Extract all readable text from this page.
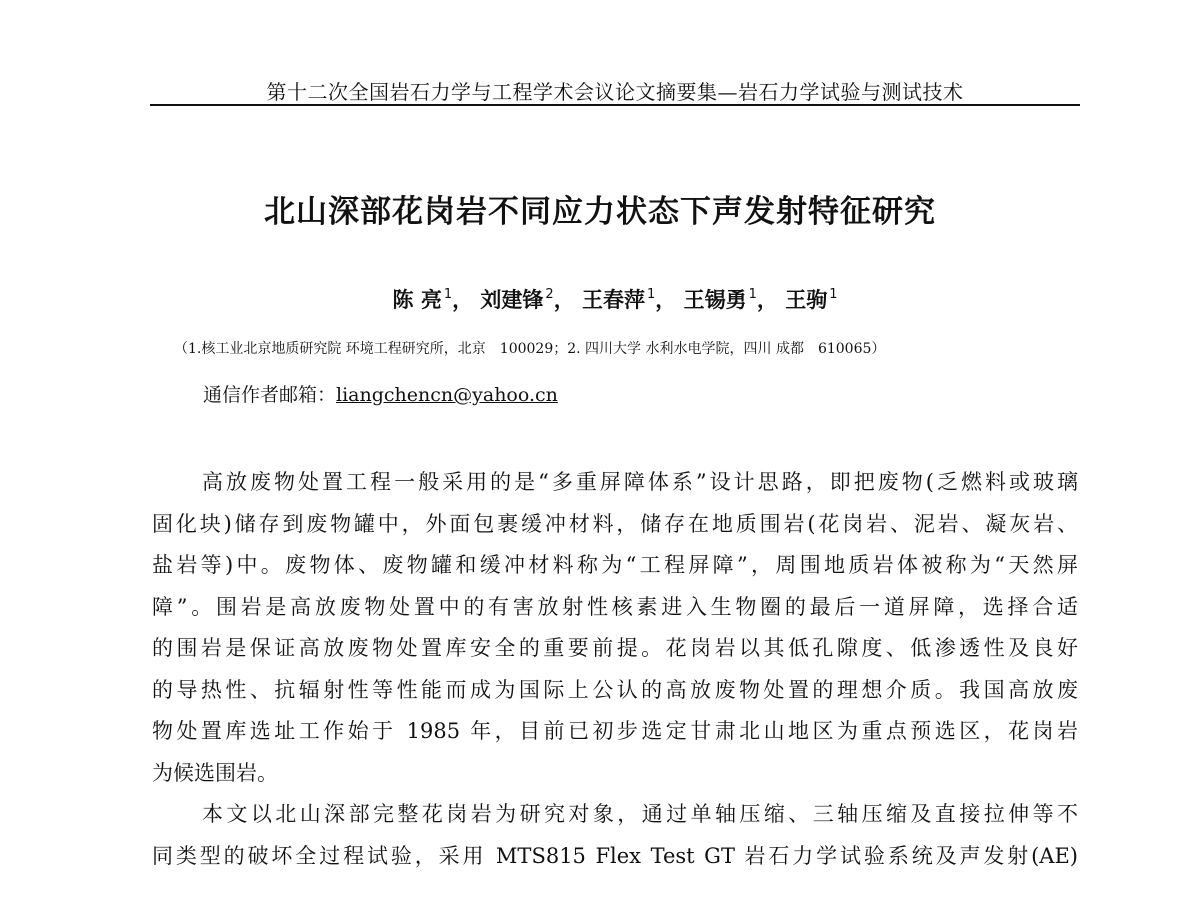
第十二次全国岩石力学与工程学术会议论文摘要集—岩石力学试验与测试技术
北山深部花岗岩不同应力状态下声发射特征研究
陈 亮 $^1$， 刘建锋 $^2$， 王春萍 $^1$， 王锡勇 $^1$， 王驹 $^1$
（1.核工业北京地质研究院 环境工程研究所，北京　100029；2. 四川大学 水利水电学院，四川 成都　610065）
通信作者邮箱：liangchencn@yahoo.cn
高放废物处置工程一般采用的是“多重屏障体系”设计思路，即把废物(乏燃料或玻璃
固化块)储存到废物罐中，外面包裹缓冲材料，储存在地质围岩(花岗岩、泥岩、凝灰岩、
盐岩等)中。废物体、废物罐和缓冲材料称为“工程屏障”，周围地质岩体被称为“天然屏
障”。围岩是高放废物处置中的有害放射性核素进入生物圈的最后一道屏障，选择合适
的围岩是保证高放废物处置库安全的重要前提。花岗岩以其低孔隙度、低渗透性及良好
的导热性、抗辐射性等性能而成为国际上公认的高放废物处置的理想介质。我国高放废
物处置库选址工作始于 1985 年，目前已初步选定甘肃北山地区为重点预选区，花岗岩
为候选围岩。
本文以北山深部完整花岗岩为研究对象，通过单轴压缩、三轴压缩及直接拉伸等不
同类型的破坏全过程试验，采用 MTS815 Flex Test GT 岩石力学试验系统及声发射(AE)
